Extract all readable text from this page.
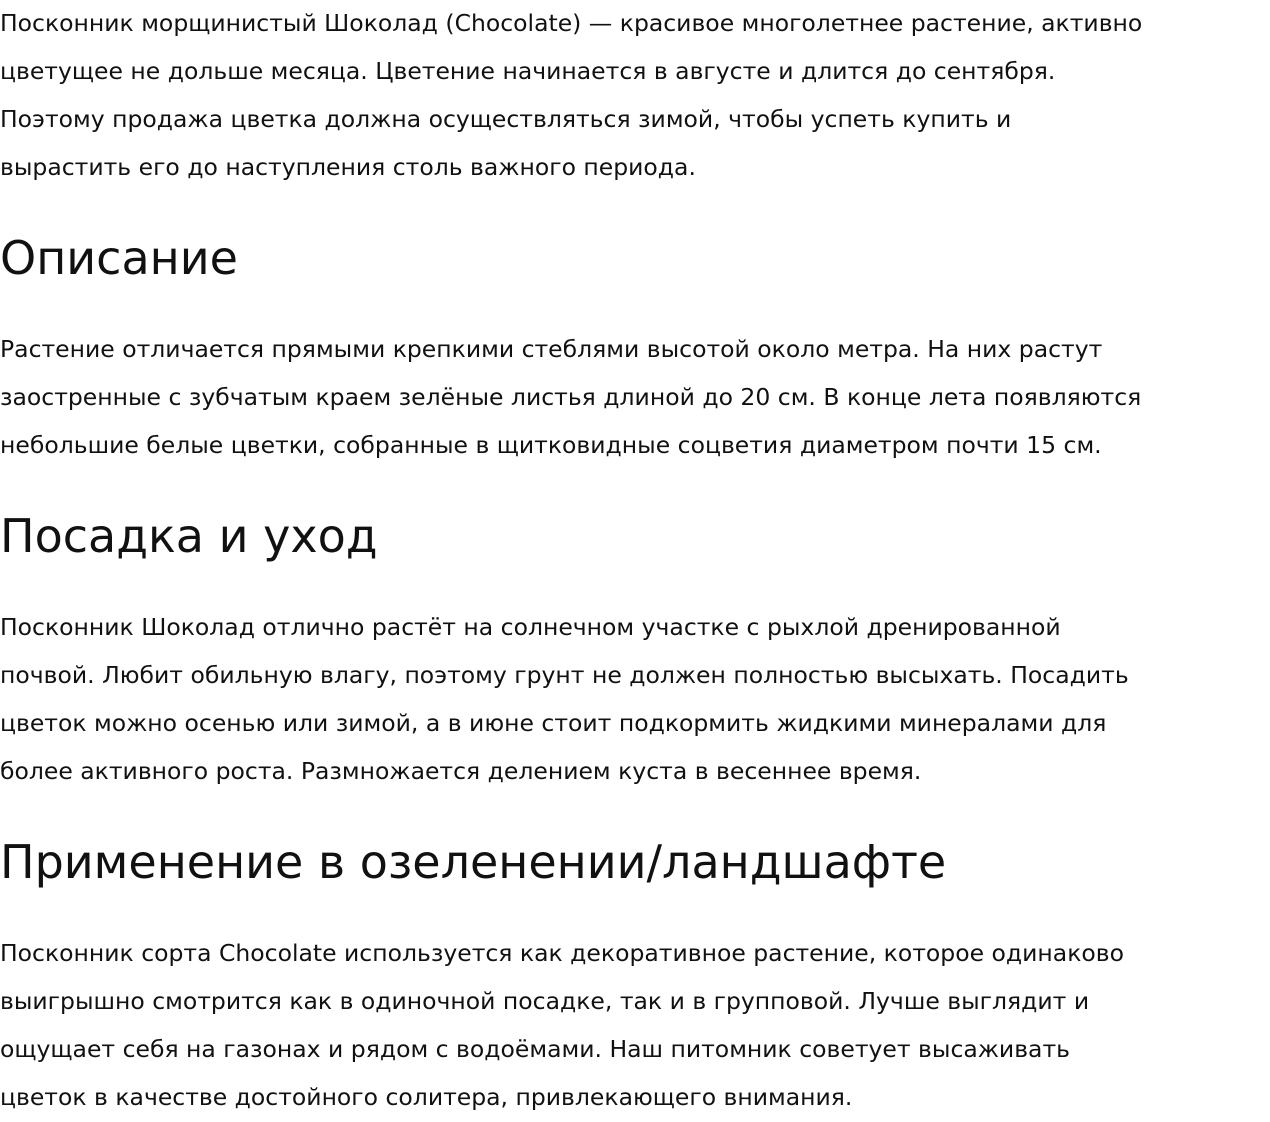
Посконник морщинистый Шоколад (Chocolate) — красивое многолетнее растение, активно
цветущее не дольше месяца. Цветение начинается в августе и длится до сентября.
Поэтому продажа цветка должна осуществляться зимой, чтобы успеть купить и
вырастить его до наступления столь важного периода.

Описание

Растение отличается прямыми крепкими стеблями высотой около метра. На них растут
заостренные с зубчатым краем зелёные листья длиной до 20 см. В конце лета появляются
небольшие белые цветки, собранные в щитковидные соцветия диаметром почти 15 см.

Посадка и уход

Посконник Шоколад отлично растёт на солнечном участке с рыхлой дренированной
почвой. Любит обильную влагу, поэтому грунт не должен полностью высыхать. Посадить
цветок можно осенью или зимой, а в июне стоит подкормить жидкими минералами для
более активного роста. Размножается делением куста в весеннее время.

Применение в озеленении/ландшафте

Посконник сорта Chocolate используется как декоративное растение, которое одинаково
выигрышно смотрится как в одиночной посадке, так и в групповой. Лучше выглядит и
ощущает себя на газонах и рядом с водоёмами. Наш питомник советует высаживать
цветок в качестве достойного солитера, привлекающего внимания.
